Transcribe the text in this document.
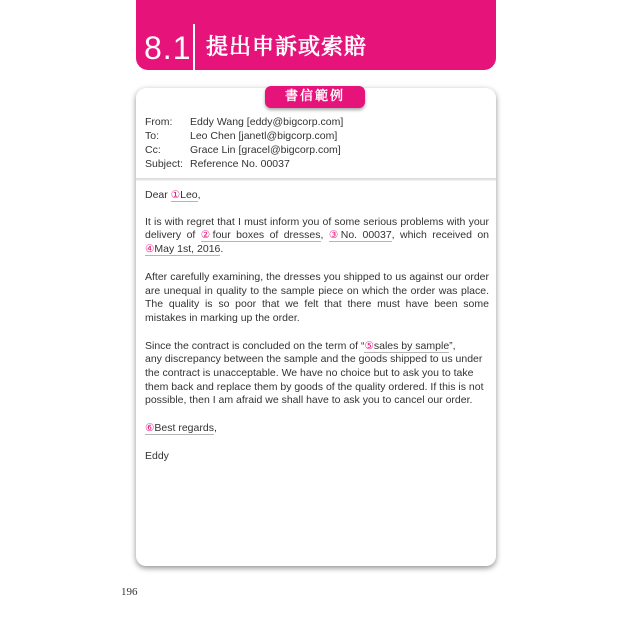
8.1 提出申訴或索賠
書信範例
From:	Eddy Wang [eddy@bigcorp.com]
To:	Leo Chen [janetl@bigcorp.com]
Cc:	Grace Lin [gracel@bigcorp.com]
Subject: Reference No. 00037

Dear ①Leo,

It is with regret that I must inform you of some serious problems with your delivery of ②four boxes of dresses, ③No. 00037, which received on ④May 1st, 2016.

After carefully examining, the dresses you shipped to us against our order are unequal in quality to the sample piece on which the order was place. The quality is so poor that we felt that there must have been some mistakes in marking up the order.

Since the contract is concluded on the term of “⑤sales by sample”,
any discrepancy between the sample and the goods shipped to us under
the contract is unacceptable. We have no choice but to ask you to take
them back and replace them by goods of the quality ordered. If this is not
possible, then I am afraid we shall have to ask you to cancel our order.

⑥Best regards,

Eddy

196
